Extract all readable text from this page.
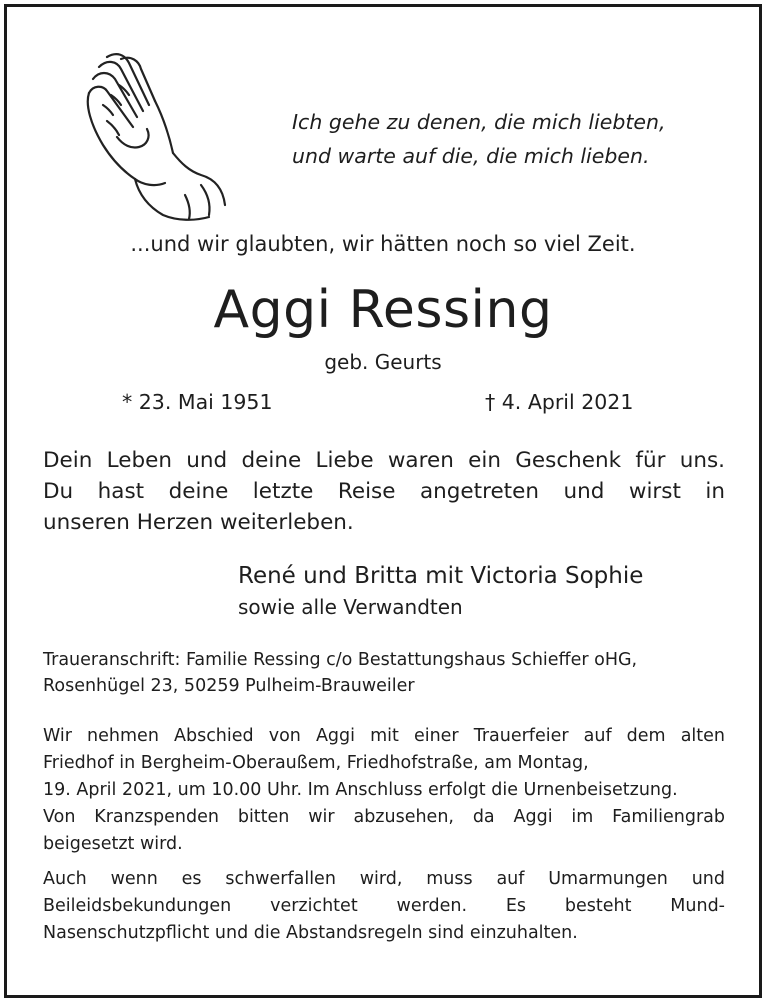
Ich gehe zu denen, die mich liebten,
und warte auf die, die mich lieben.
...und wir glaubten, wir hätten noch so viel Zeit.
Aggi Ressing
geb. Geurts
* 23. Mai 1951	† 4. April 2021
Dein Leben und deine Liebe waren ein Geschenk für uns.
Du hast deine letzte Reise angetreten und wirst in
unseren Herzen weiterleben.
René und Britta mit Victoria Sophie
sowie alle Verwandten
Traueranschrift: Familie Ressing c/o Bestattungshaus Schieffer oHG,
Rosenhügel 23, 50259 Pulheim-Brauweiler
Wir nehmen Abschied von Aggi mit einer Trauerfeier auf dem alten
Friedhof in Bergheim-Oberaußem, Friedhofstraße, am Montag,
19. April 2021, um 10.00 Uhr. Im Anschluss erfolgt die Urnenbeisetzung.
Von Kranzspenden bitten wir abzusehen, da Aggi im Familiengrab
beigesetzt wird.
Auch wenn es schwerfallen wird, muss auf Umarmungen und
Beileidsbekundungen verzichtet werden. Es besteht Mund-
Nasenschutzpflicht und die Abstandsregeln sind einzuhalten.
